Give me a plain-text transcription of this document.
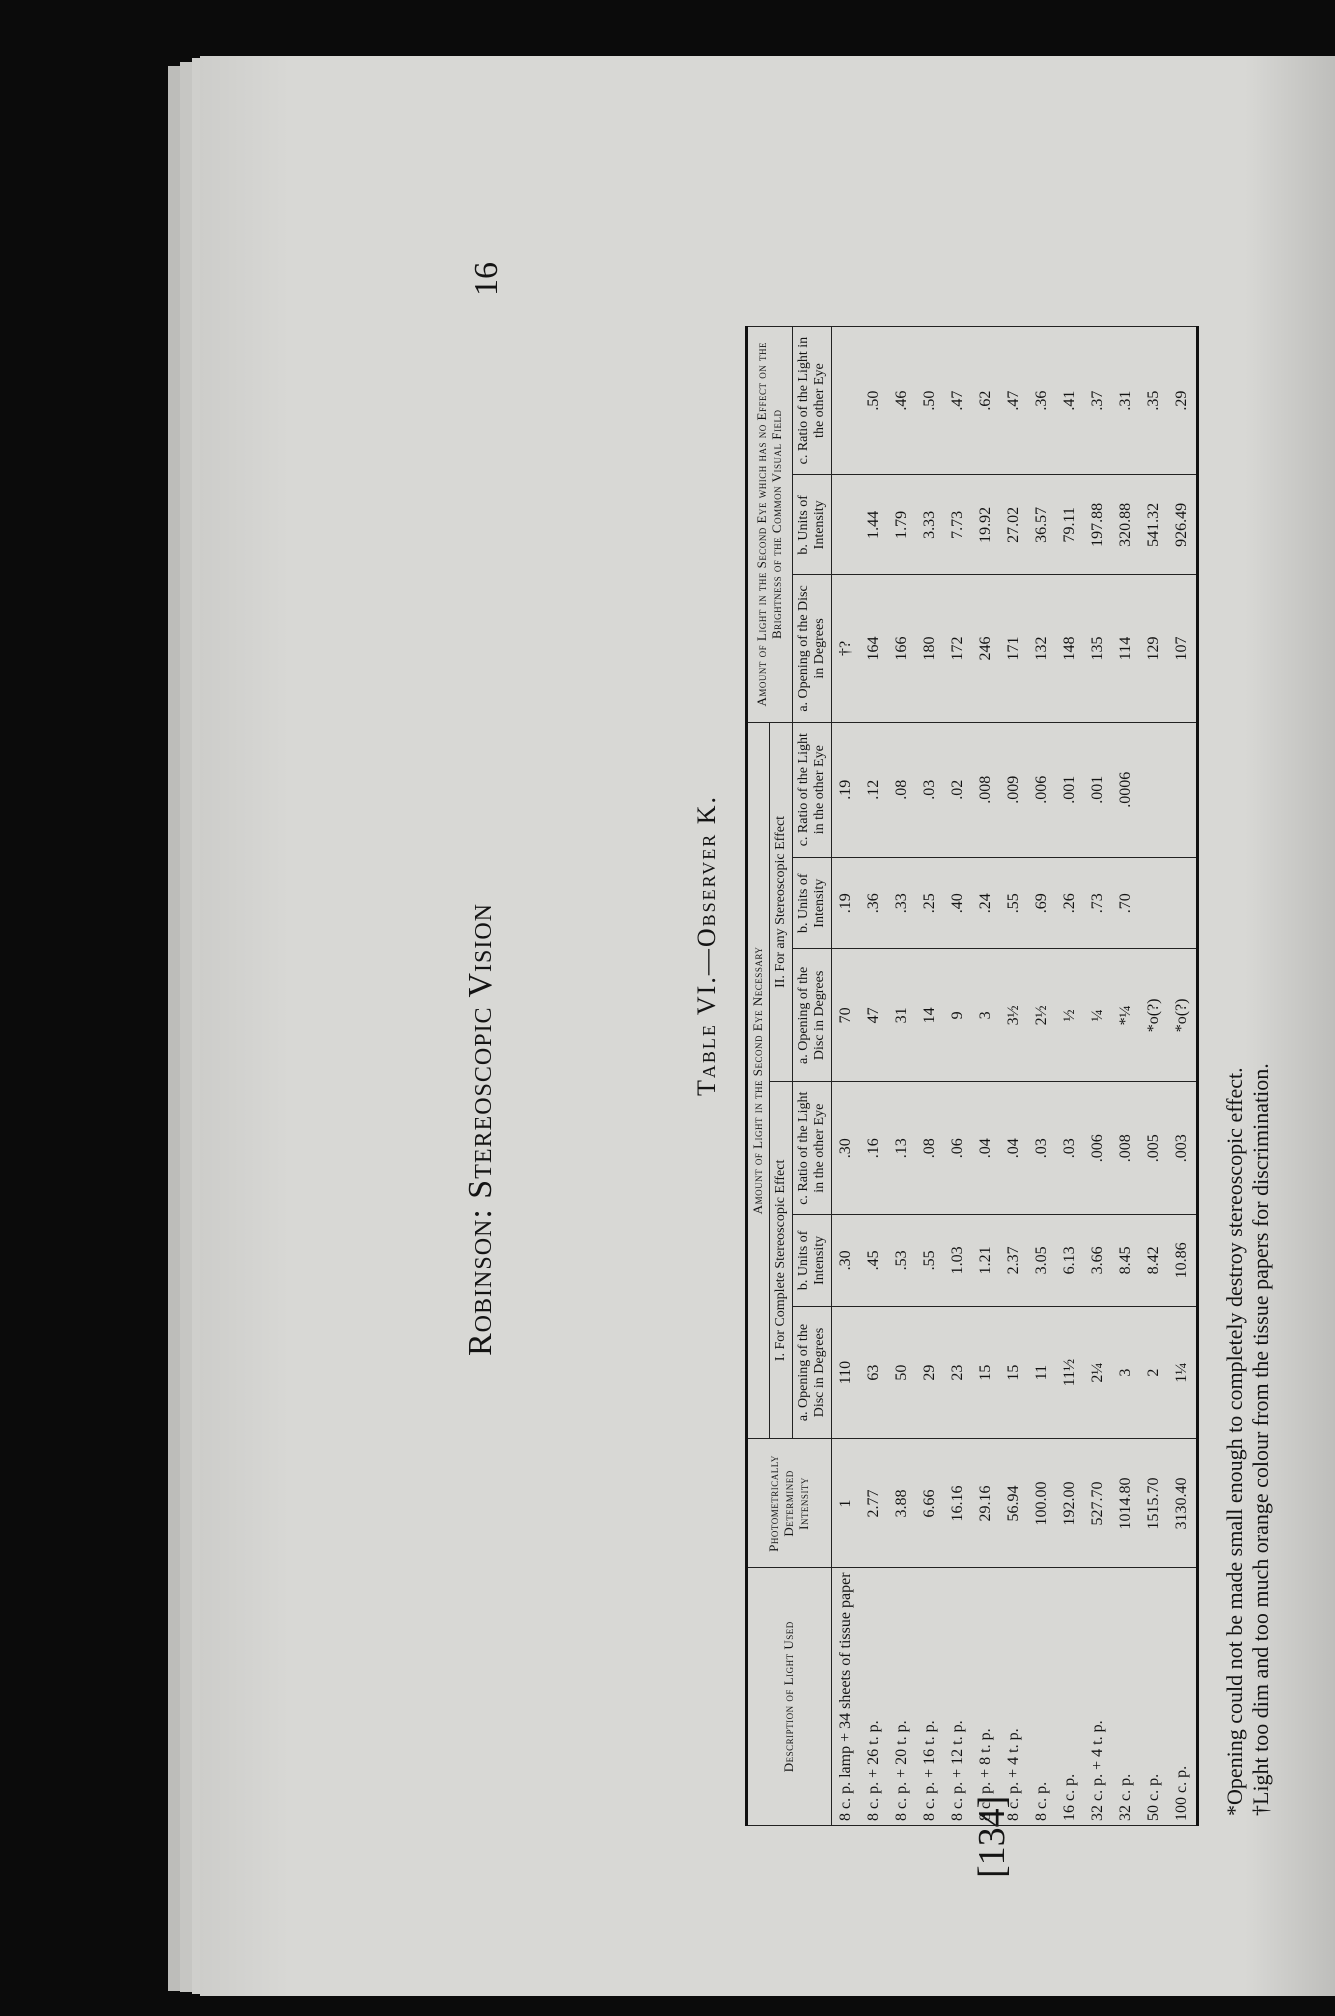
16
Robinson: Stereoscopic Vision
[134]
Table VI.—Observer K.
Description of Light Used	Photometrically Determined Intensity	Amount of Light in the Second Eye Necessary						Amount of Light in the Second Eye which has no Effect on the Brightness of the Common Visual Field		
		I. For Complete Stereoscopic Effect			II. For any Stereoscopic Effect					
		a. Opening of the Disc in Degrees	b. Units of Intensity	c. Ratio of the Light in the other Eye	a. Opening of the Disc in Degrees	b. Units of Intensity	c. Ratio of the Light in the other Eye	a. Opening of the Disc in Degrees	b. Units of Intensity	c. Ratio of the Light in the other Eye
8 c. p. lamp + 34 sheets of tissue paper	1	110	.30	.30	70	.19	.19	†?		
8 c. p. + 26 t. p.	2.77	63	.45	.16	47	.36	.12	164	1.44	.50
8 c. p. + 20 t. p.	3.88	50	.53	.13	31	.33	.08	166	1.79	.46
8 c. p. + 16 t. p.	6.66	29	.55	.08	14	.25	.03	180	3.33	.50
8 c. p. + 12 t. p.	16.16	23	1.03	.06	9	.40	.02	172	7.73	.47
8 c. p. + 8 t. p.	29.16	15	1.21	.04	3	.24	.008	246	19.92	.62
8 c. p. + 4 t. p.	56.94	15	2.37	.04	3½	.55	.009	171	27.02	.47
8 c. p.	100.00	11	3.05	.03	2½	.69	.006	132	36.57	.36
16 c. p.	192.00	11½	6.13	.03	½	.26	.001	148	79.11	.41
32 c. p. + 4 t. p.	527.70	2¼	3.66	.006	¼	.73	.001	135	197.88	.37
32 c. p.	1014.80	3	8.45	.008	*¼	.70	.0006	114	320.88	.31
50 c. p.	1515.70	2	8.42	.005	*o(?)			129	541.32	.35
100 c. p.	3130.40	1¼	10.86	.003	*o(?)			107	926.49	.29
*Opening could not be made small enough to completely destroy stereoscopic effect. †Light too dim and too much orange colour from the tissue papers for discrimination.
